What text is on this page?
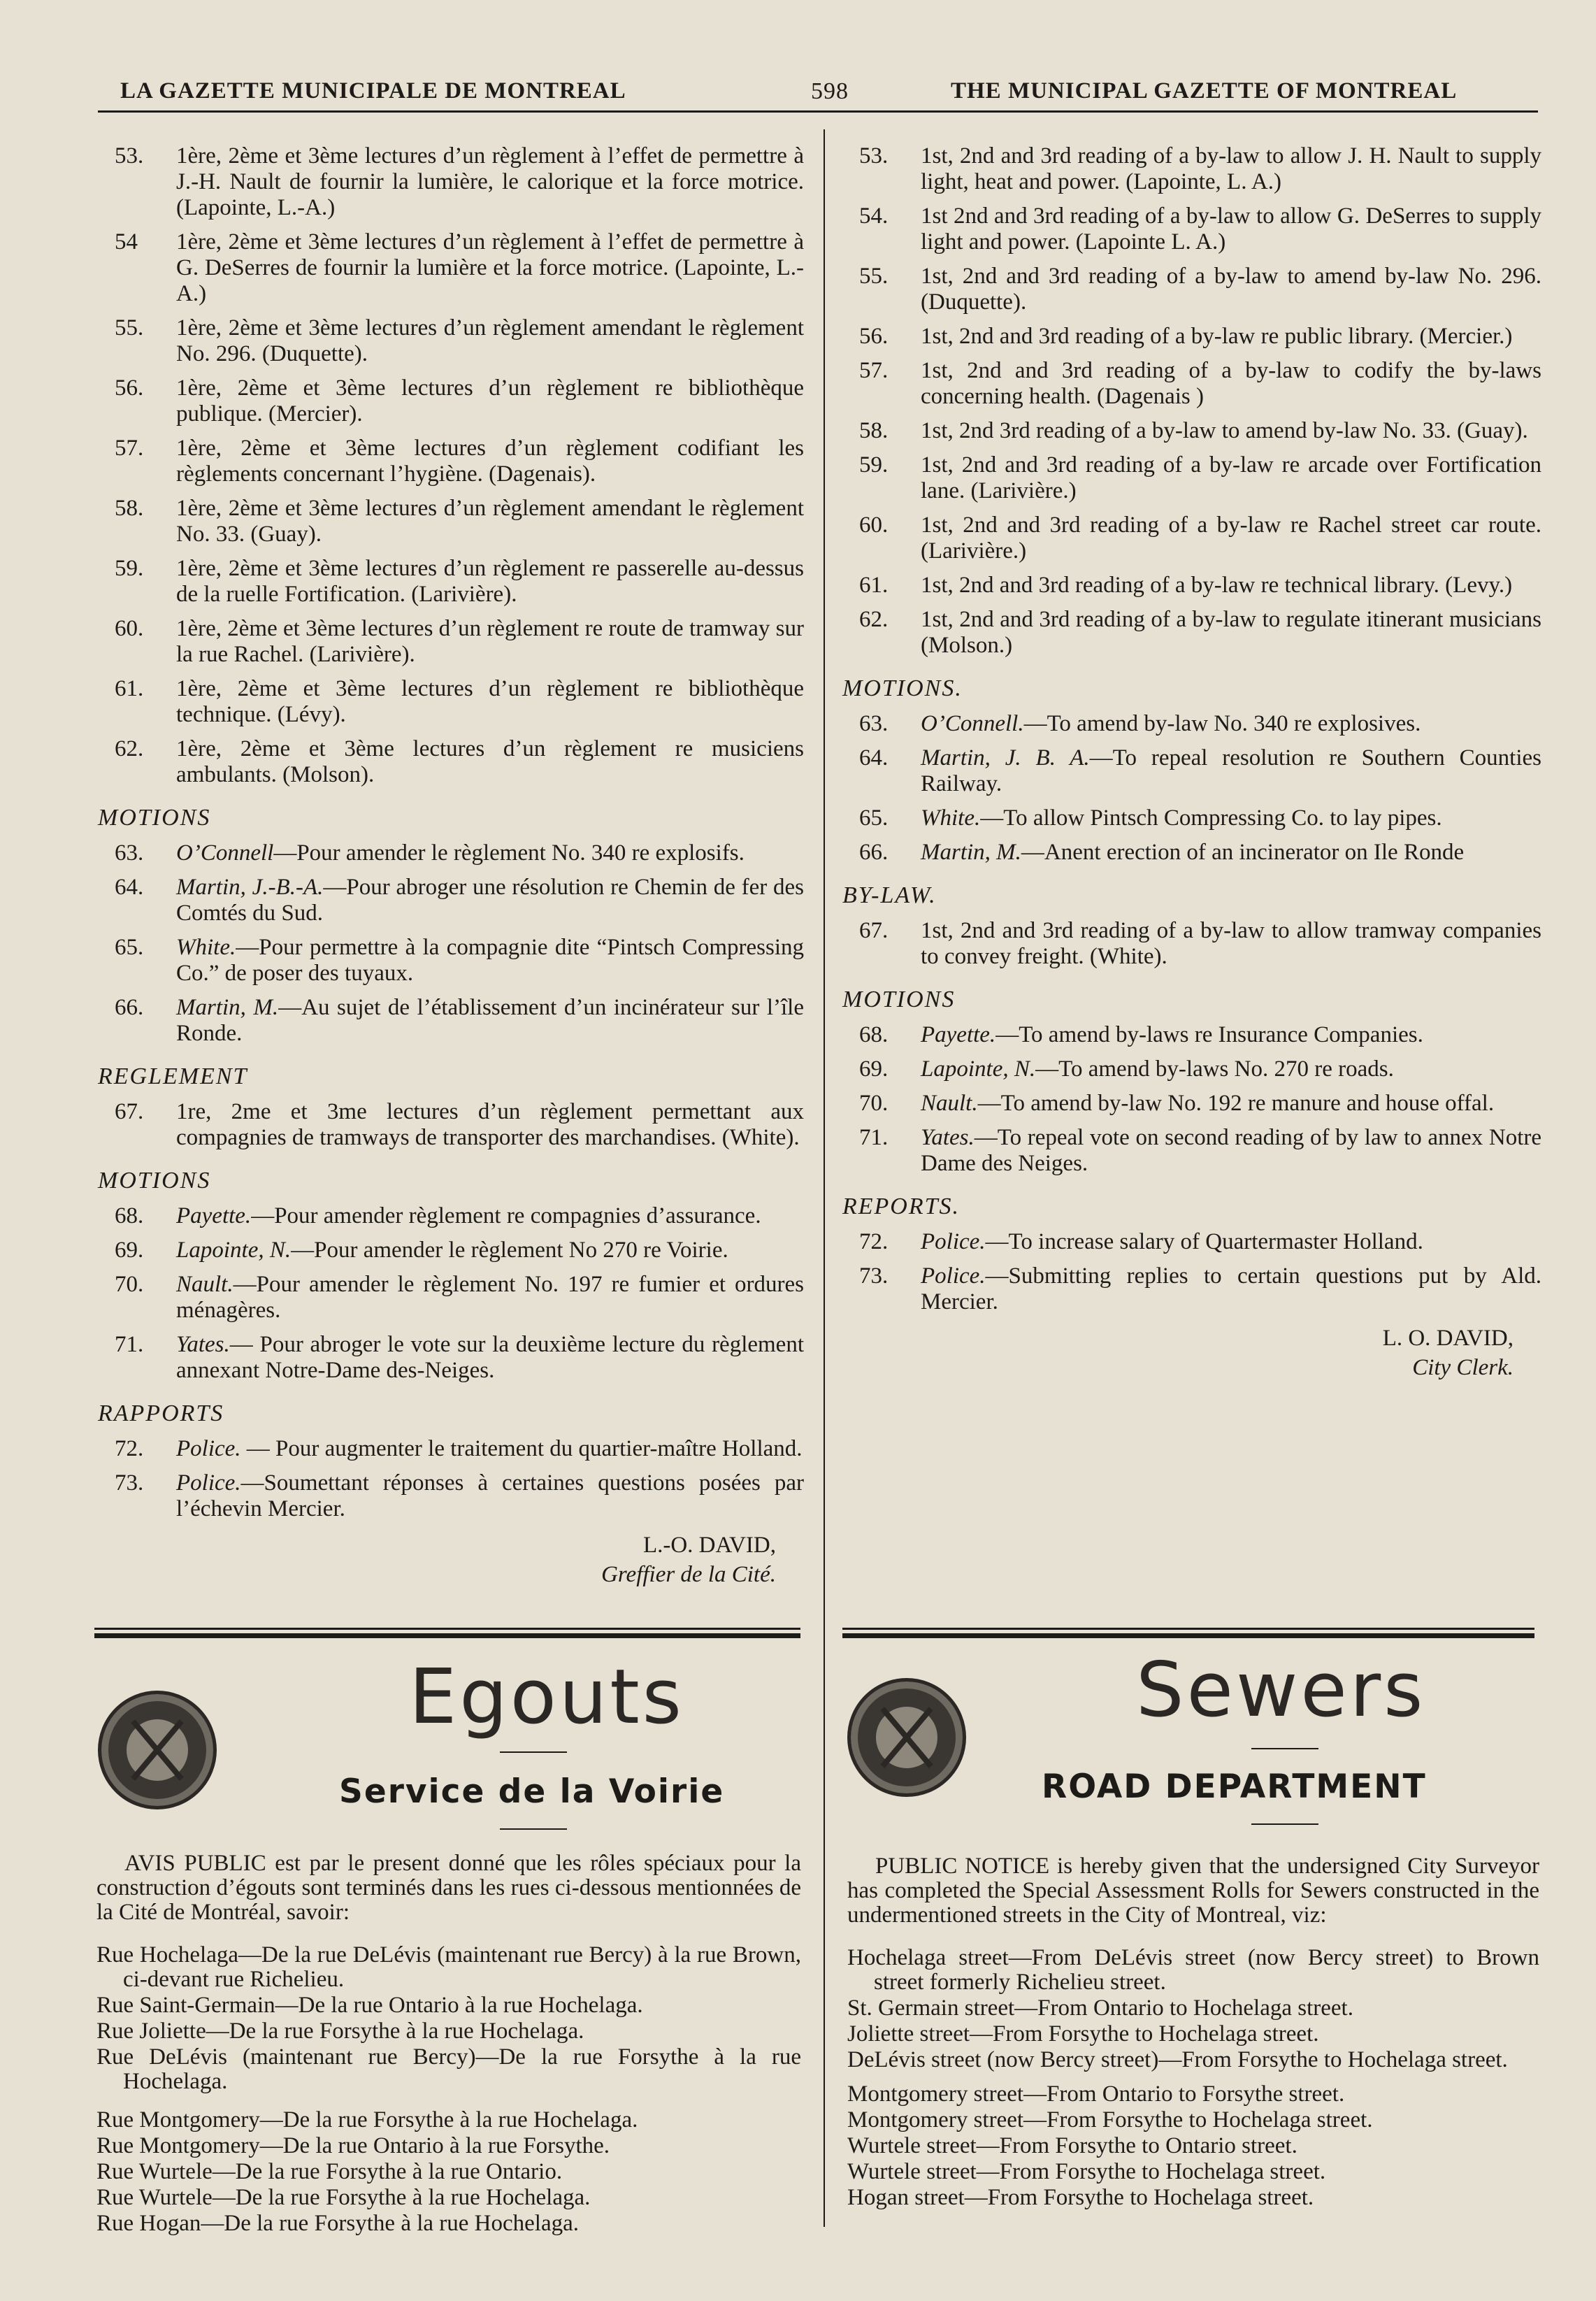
LA GAZETTE MUNICIPALE DE MONTREAL	598	THE MUNICIPAL GAZETTE OF MONTREAL
53. 1ère, 2ème et 3ème lectures d’un règlement à l’effet de permettre à J.-H. Nault de fournir la lumière, le calorique et la force motrice. (Lapointe, L.-A.)
54 1ère, 2ème et 3ème lectures d’un règlement à l’effet de permettre à G. DeSerres de fournir la lumière et la force motrice. (Lapointe, L.-A.)
55. 1ère, 2ème et 3ème lectures d’un règlement amendant le règlement No. 296. (Duquette).
56. 1ère, 2ème et 3ème lectures d’un règlement re bibliothèque publique. (Mercier).
57. 1ère, 2ème et 3ème lectures d’un règlement codifiant les règlements concernant l’hygiène. (Dagenais).
58. 1ère, 2ème et 3ème lectures d’un règlement amendant le règlement No. 33. (Guay).
59. 1ère, 2ème et 3ème lectures d’un règlement re passerelle au-dessus de la ruelle Fortification. (Larivière).
60. 1ère, 2ème et 3ème lectures d’un règlement re route de tramway sur la rue Rachel. (Larivière).
61. 1ère, 2ème et 3ème lectures d’un règlement re bibliothèque technique. (Lévy).
62. 1ère, 2ème et 3ème lectures d’un règlement re musiciens ambulants. (Molson).
MOTIONS
63. O’Connell—Pour amender le règlement No. 340 re explosifs.
64. Martin, J.-B.-A.—Pour abroger une résolution re Chemin de fer des Comtés du Sud.
65. White.—Pour permettre à la compagnie dite “Pintsch Compressing Co.” de poser des tuyaux.
66. Martin, M.—Au sujet de l’établissement d’un incinérateur sur l’île Ronde.
REGLEMENT
67. 1re, 2me et 3me lectures d’un règlement permettant aux compagnies de tramways de transporter des marchandises. (White).
MOTIONS
68. Payette.—Pour amender règlement re compagnies d’assurance.
69. Lapointe, N.—Pour amender le règlement No 270 re Voirie.
70. Nault.—Pour amender le règlement No. 197 re fumier et ordures ménagères.
71. Yates.— Pour abroger le vote sur la deuxième lecture du règlement annexant Notre-Dame des-Neiges.
RAPPORTS
72. Police. — Pour augmenter le traitement du quartier-maître Holland.
73. Police.—Soumettant réponses à certaines questions posées par l’échevin Mercier.
L.-O. DAVID,
Greffier de la Cité.
53. 1st, 2nd and 3rd reading of a by-law to allow J. H. Nault to supply light, heat and power. (Lapointe, L. A.)
54. 1st 2nd and 3rd reading of a by-law to allow G. DeSerres to supply light and power. (Lapointe L. A.)
55. 1st, 2nd and 3rd reading of a by-law to amend by-law No. 296. (Duquette).
56. 1st, 2nd and 3rd reading of a by-law re public library. (Mercier.)
57. 1st, 2nd and 3rd reading of a by-law to codify the by-laws concerning health. (Dagenais )
58. 1st, 2nd 3rd reading of a by-law to amend by-law No. 33. (Guay).
59. 1st, 2nd and 3rd reading of a by-law re arcade over Fortification lane. (Larivière.)
60. 1st, 2nd and 3rd reading of a by-law re Rachel street car route. (Larivière.)
61. 1st, 2nd and 3rd reading of a by-law re technical library. (Levy.)
62. 1st, 2nd and 3rd reading of a by-law to regulate itinerant musicians (Molson.)
MOTIONS.
63. O’Connell.—To amend by-law No. 340 re explosives.
64. Martin, J. B. A.—To repeal resolution re Southern Counties Railway.
65. White.—To allow Pintsch Compressing Co. to lay pipes.
66. Martin, M.—Anent erection of an incinerator on Ile Ronde
BY-LAW.
67. 1st, 2nd and 3rd reading of a by-law to allow tramway companies to convey freight. (White).
MOTIONS
68. Payette.—To amend by-laws re Insurance Companies.
69. Lapointe, N.—To amend by-laws No. 270 re roads.
70. Nault.—To amend by-law No. 192 re manure and house offal.
71. Yates.—To repeal vote on second reading of by law to annex Notre Dame des Neiges.
REPORTS.
72. Police.—To increase salary of Quartermaster Holland.
73. Police.—Submitting replies to certain questions put by Ald. Mercier.
L. O. DAVID,
City Clerk.
Egouts
Service de la Voirie

AVIS PUBLIC est par le present donné que les rôles spéciaux pour la construction d’égouts sont terminés dans les rues ci-dessous mentionnées de la Cité de Montréal, savoir:

Rue Hochelaga—De la rue DeLévis (maintenant rue Bercy) à la rue Brown, ci-devant rue Richelieu.
Rue Saint-Germain—De la rue Ontario à la rue Hochelaga.
Rue Joliette—De la rue Forsythe à la rue Hochelaga.
Rue DeLévis (maintenant rue Bercy)—De la rue Forsythe à la rue Hochelaga.
Rue Montgomery—De la rue Forsythe à la rue Hochelaga.
Rue Montgomery—De la rue Ontario à la rue Forsythe.
Rue Wurtele—De la rue Forsythe à la rue Ontario.
Rue Wurtele—De la rue Forsythe à la rue Hochelaga.
Rue Hogan—De la rue Forsythe à la rue Hochelaga.
Sewers
ROAD DEPARTMENT

PUBLIC NOTICE is hereby given that the undersigned City Surveyor has completed the Special Assessment Rolls for Sewers constructed in the undermentioned streets in the City of Montreal, viz:

Hochelaga street—From DeLévis street (now Bercy street) to Brown street formerly Richelieu street.
St. Germain street—From Ontario to Hochelaga street.
Joliette street—From Forsythe to Hochelaga street.
DeLévis street (now Bercy street)—From Forsythe to Hochelaga street.
Montgomery street—From Ontario to Forsythe street.
Montgomery street—From Forsythe to Hochelaga street.
Wurtele street—From Forsythe to Ontario street.
Wurtele street—From Forsythe to Hochelaga street.
Hogan street—From Forsythe to Hochelaga street.
